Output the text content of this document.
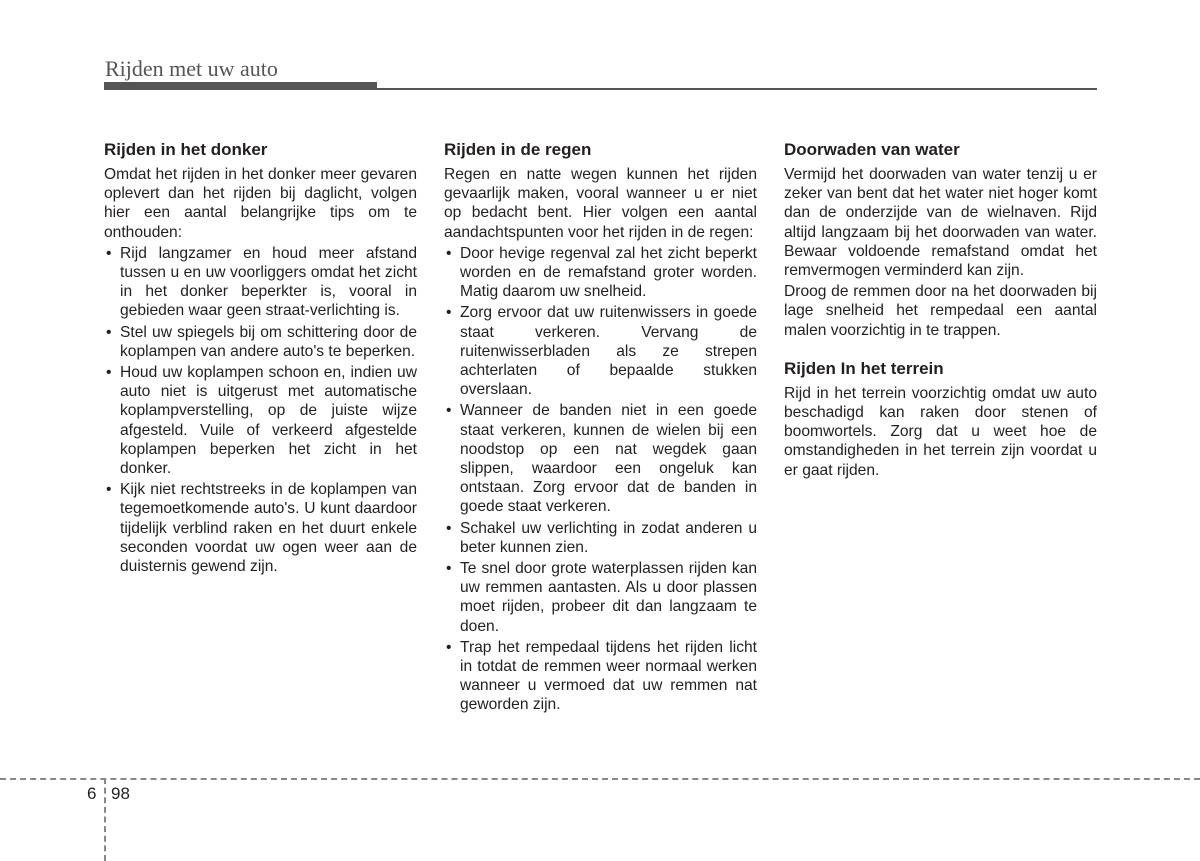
Rijden met uw auto
Rijden in het donker

Omdat het rijden in het donker meer gevaren oplevert dan het rijden bij daglicht, volgen hier een aantal belangrijke tips om te onthouden:

• Rijd langzamer en houd meer afstand tussen u en uw voorliggers omdat het zicht in het donker beperkter is, vooral in gebieden waar geen straat-verlichting is.
• Stel uw spiegels bij om schittering door de koplampen van andere auto's te beperken.
• Houd uw koplampen schoon en, indien uw auto niet is uitgerust met automatische koplampverstelling, op de juiste wijze afgesteld. Vuile of verkeerd afgestelde koplampen beperken het zicht in het donker.
• Kijk niet rechtstreeks in de koplampen van tegemoetkomende auto's. U kunt daardoor tijdelijk verblind raken en het duurt enkele seconden voordat uw ogen weer aan de duisternis gewend zijn.
Rijden in de regen

Regen en natte wegen kunnen het rijden gevaarlijk maken, vooral wanneer u er niet op bedacht bent. Hier volgen een aantal aandachtspunten voor het rijden in de regen:

• Door hevige regenval zal het zicht beperkt worden en de remafstand groter worden. Matig daarom uw snelheid.
• Zorg ervoor dat uw ruitenwissers in goede staat verkeren. Vervang de ruitenwisserbladen als ze strepen achterlaten of bepaalde stukken overslaan.
• Wanneer de banden niet in een goede staat verkeren, kunnen de wielen bij een noodstop op een nat wegdek gaan slippen, waardoor een ongeluk kan ontstaan. Zorg ervoor dat de banden in goede staat verkeren.
• Schakel uw verlichting in zodat anderen u beter kunnen zien.
• Te snel door grote waterplassen rijden kan uw remmen aantasten. Als u door plassen moet rijden, probeer dit dan langzaam te doen.
• Trap het rempedaal tijdens het rijden licht in totdat de remmen weer normaal werken wanneer u vermoed dat uw remmen nat geworden zijn.
Doorwaden van water

Vermijd het doorwaden van water tenzij u er zeker van bent dat het water niet hoger komt dan de onderzijde van de wielnaven. Rijd altijd langzaam bij het doorwaden van water. Bewaar voldoende remafstand omdat het remvermogen verminderd kan zijn.

Droog de remmen door na het doorwaden bij lage snelheid het rempedaal een aantal malen voorzichtig in te trappen.

Rijden In het terrein

Rijd in het terrein voorzichtig omdat uw auto beschadigd kan raken door stenen of boomwortels. Zorg dat u weet hoe de omstandigheden in het terrein zijn voordat u er gaat rijden.

6 98
